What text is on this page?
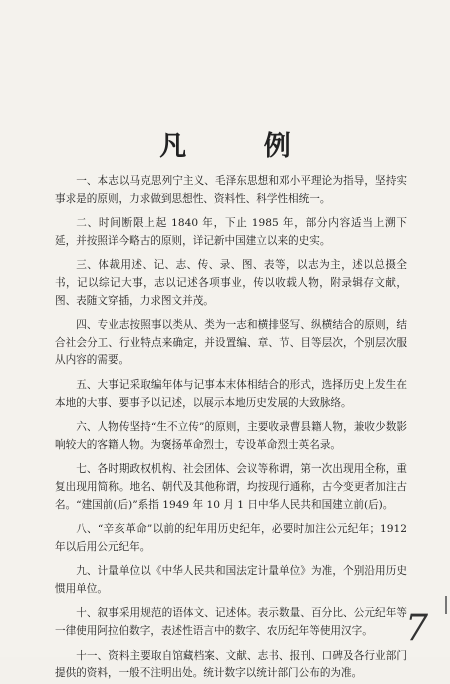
凡 例

一、本志以马克思列宁主义、毛泽东思想和邓小平理论为指导，坚持实事求是的原则，力求做到思想性、资料性、科学性相统一。

二、时间断限上起 1840 年，下止 1985 年，部分内容适当上溯下延，并按照详今略古的原则，详记新中国建立以来的史实。

三、体裁用述、记、志、传、录、图、表等，以志为主，述以总摄全书，记以综记大事，志以记述各项事业，传以收载人物，附录辑存文献，图、表随文穿插，力求图文并茂。

四、专业志按照事以类从、类为一志和横排竖写、纵横结合的原则，结合社会分工、行业特点来确定，并设置编、章、节、目等层次，个别层次服从内容的需要。

五、大事记采取编年体与记事本末体相结合的形式，选择历史上发生在本地的大事、要事予以记述，以展示本地历史发展的大致脉络。

六、人物传坚持“生不立传”的原则，主要收录曹县籍人物，兼收少数影响较大的客籍人物。为褒扬革命烈士，专设革命烈士英名录。

七、各时期政权机构、社会团体、会议等称谓，第一次出现用全称，重复出现用简称。地名、朝代及其他称谓，均按现行通称，古今变更者加注古名。“建国前(后)”系指 1949 年 10 月 1 日中华人民共和国建立前(后)。

八、“辛亥革命”以前的纪年用历史纪年，必要时加注公元纪年；1912 年以后用公元纪年。

九、计量单位以《中华人民共和国法定计量单位》为准，个别沿用历史惯用单位。

十、叙事采用规范的语体文、记述体。表示数量、百分比、公元纪年等一律使用阿拉伯数字，表述性语言中的数字、农历纪年等使用汉字。

十一、资料主要取自馆藏档案、文献、志书、报刊、口碑及各行业部门提供的资料，一般不注明出处。统计数字以统计部门公布的为准。

7
